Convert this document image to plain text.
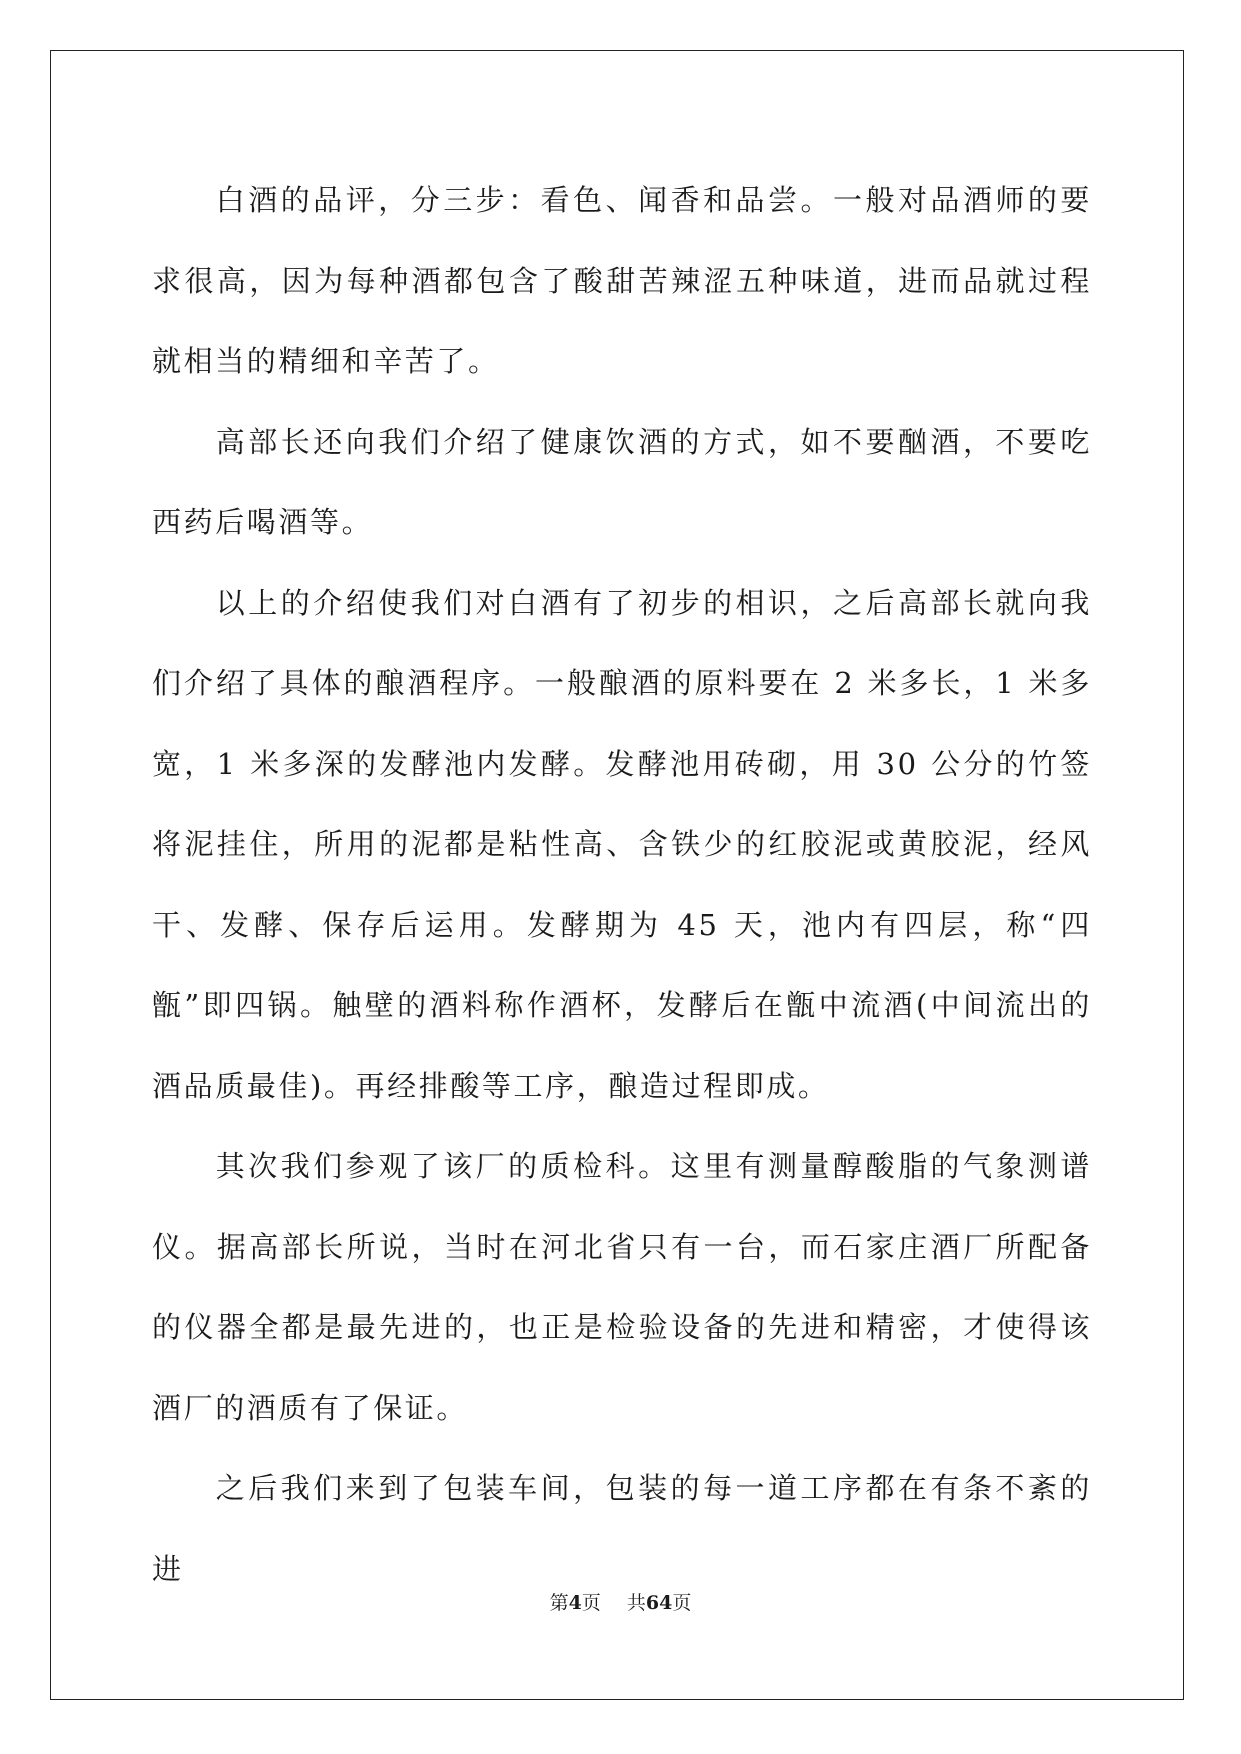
白酒的品评，分三步：看色、闻香和品尝。一般对品酒师的要求很高，因为每种酒都包含了酸甜苦辣涩五种味道，进而品就过程就相当的精细和辛苦了。

高部长还向我们介绍了健康饮酒的方式，如不要酗酒，不要吃西药后喝酒等。

以上的介绍使我们对白酒有了初步的相识，之后高部长就向我们介绍了具体的酿酒程序。一般酿酒的原料要在 2 米多长，1 米多宽，1 米多深的发酵池内发酵。发酵池用砖砌，用 30 公分的竹签将泥挂住，所用的泥都是粘性高、含铁少的红胶泥或黄胶泥，经风干、发酵、保存后运用。发酵期为 45 天，池内有四层，称“四甑”即四锅。触壁的酒料称作酒杯，发酵后在甑中流酒(中间流出的酒品质最佳)。再经排酸等工序，酿造过程即成。

其次我们参观了该厂的质检科。这里有测量醇酸脂的气象测谱仪。据高部长所说，当时在河北省只有一台，而石家庄酒厂所配备的仪器全都是最先进的，也正是检验设备的先进和精密，才使得该酒厂的酒质有了保证。

之后我们来到了包装车间，包装的每一道工序都在有条不紊的进

第4页 共64页
